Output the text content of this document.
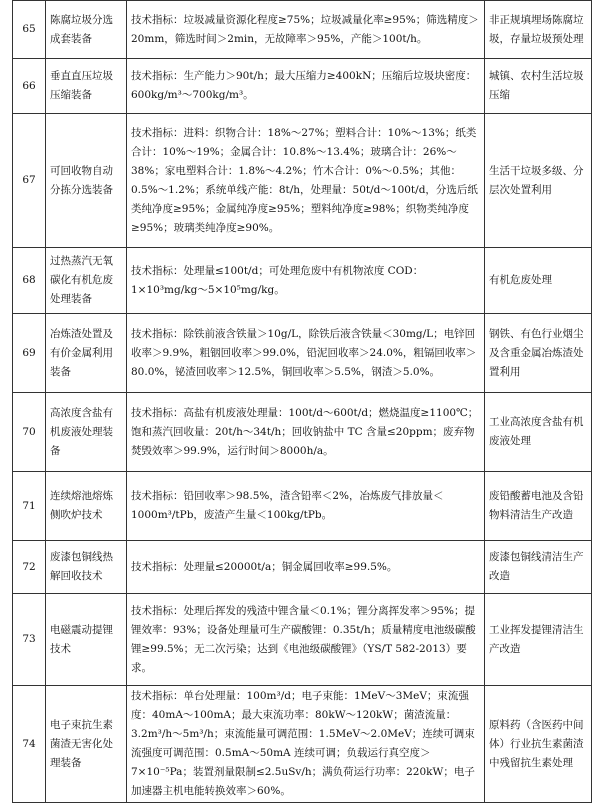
65	陈腐垃圾分选成套装备	技术指标：垃圾减量资源化程度≥75%；垃圾减量化率≥95%；筛选精度＞20mm，筛选时间＞2min，无故障率＞95%，产能＞100t/h。	非正规填埋场陈腐垃圾，存量垃圾预处理
66	垂直直压垃圾压缩装备	技术指标：生产能力＞90t/h；最大压缩力≥400kN；压缩后垃圾块密度：600kg/m³～700kg/m³。	城镇、农村生活垃圾压缩
67	可回收物自动分拣分选装备	技术指标：进料：织物合计：18%～27%；塑料合计：10%～13%；纸类合计：10%～19%；金属合计：10.8%～13.4%；玻璃合计：26%～38%；家电塑料合计：1.8%～4.2%；竹木合计：0%～0.5%；其他：0.5%～1.2%；系统单线产能：8t/h，处理量：50t/d～100t/d，分选后纸类纯净度≥95%；金属纯净度≥95%；塑料纯净度≥98%；织物类纯净度≥95%；玻璃类纯净度≥90%。	生活干垃圾多级、分层次处置利用
68	过热蒸汽无氧碳化有机危废处理装备	技术指标：处理量≤100t/d；可处理危废中有机物浓度 COD：1×10³mg/kg～5×10⁵mg/kg。	有机危废处理
69	冶炼渣处置及有价金属利用装备	技术指标：除铁前液含铁量＞10g/L，除铁后液含铁量＜30mg/L；电锌回收率＞9.9%，粗铟回收率＞99.0%，铅泥回收率＞24.0%，粗镉回收率＞80.0%，铋渣回收率＞12.5%，铜回收率＞5.5%，钢渣＞5.0%。	钢铁、有色行业烟尘及含重金属冶炼渣处置利用
70	高浓度含盐有机废液处理装备	技术指标：高盐有机废液处理量：100t/d～600t/d；燃烧温度≥1100℃；饱和蒸汽回收量：20t/h～34t/h；回收钠盐中 TC 含量≤20ppm；废弃物焚毁效率＞99.9%，运行时间＞8000h/a。	工业高浓度含盐有机废液处理
71	连续熔池熔炼侧吹炉技术	技术指标：铅回收率＞98.5%，渣含铅率＜2%，冶炼废气排放量＜1000m³/tPb，废渣产生量＜100kg/tPb。	废铅酸蓄电池及含铅物料清洁生产改造
72	废漆包铜线热解回收技术	技术指标：处理量≤20000t/a；铜金属回收率≥99.5%。	废漆包铜线清洁生产改造
73	电磁震动提锂技术	技术指标：处理后挥发的残渣中锂含量＜0.1%；锂分离挥发率＞95%；提锂效率：93%；设备处理量可生产碳酸锂：0.35t/h；质量精度电池级碳酸锂≥99.5%；无二次污染；达到《电池级碳酸锂》（YS/T 582-2013）要求。	工业挥发提锂清洁生产改造
74	电子束抗生素菌渣无害化处理装备	技术指标：单台处理量：100m³/d；电子束能：1MeV～3MeV；束流强度：40mA～100mA；最大束流功率：80kW～120kW；菌渣流量：3.2m³/h～5m³/h；束流能量可调范围：1.5MeV～2.0MeV；连续可调束流强度可调范围：0.5mA～50mA 连续可调；负载运行真空度＞7×10⁻⁵Pa；装置剂量限制≤2.5uSv/h；满负荷运行功率：220kW；电子加速器主机电能转换效率＞60%。	原料药（含医药中间体）行业抗生素菌渣中残留抗生素处理
